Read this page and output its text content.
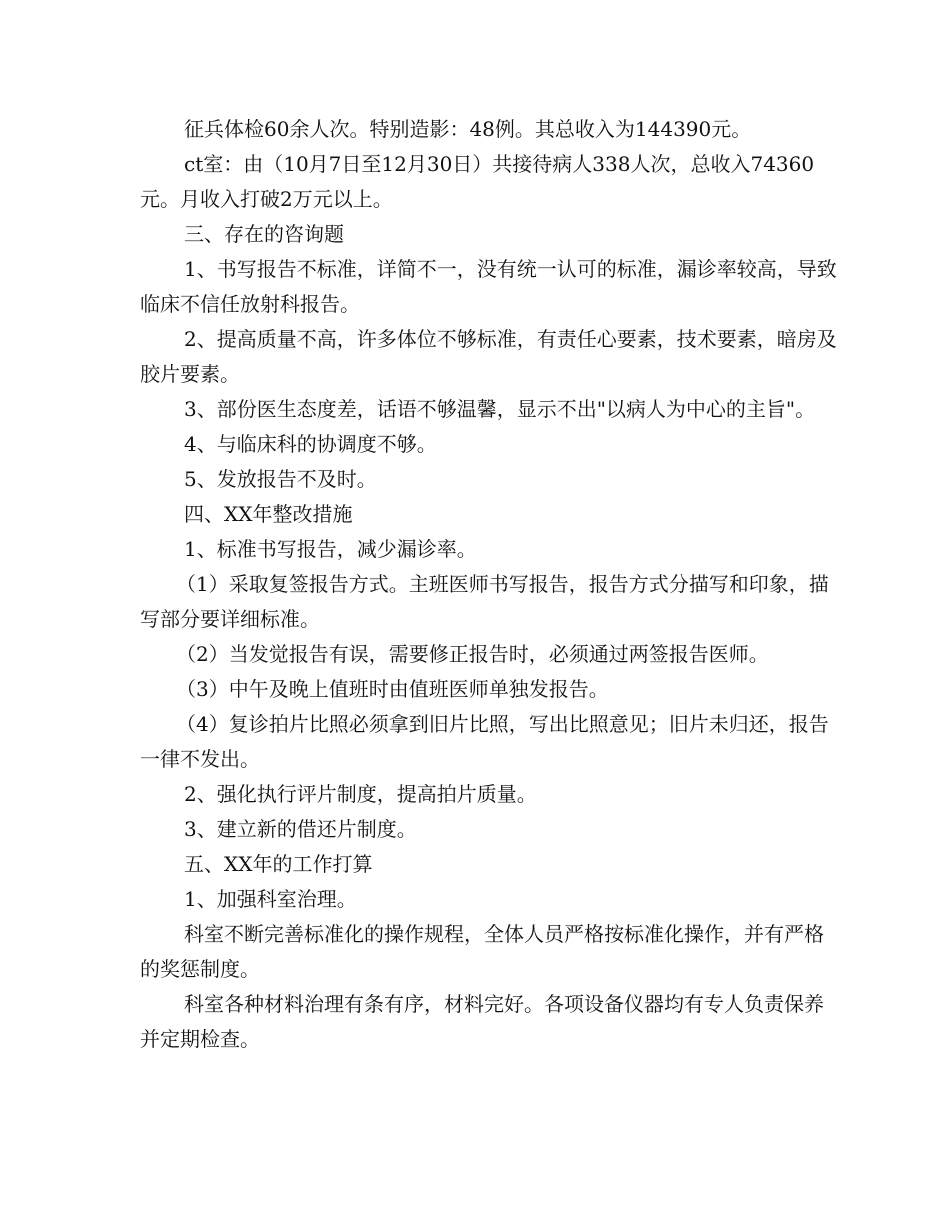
征兵体检60余人次。特别造影：48例。其总收入为144390元。

ct室：由（10月7日至12月30日）共接待病人338人次，总收入74360元。月收入打破2万元以上。

三、存在的咨询题

1、书写报告不标准，详简不一，没有统一认可的标准，漏诊率较高，导致临床不信任放射科报告。

2、提高质量不高，许多体位不够标准，有责任心要素，技术要素，暗房及胶片要素。

3、部份医生态度差，话语不够温馨，显示不出"以病人为中心的主旨"。

4、与临床科的协调度不够。

5、发放报告不及时。

四、XX年整改措施

1、标准书写报告，减少漏诊率。

（1）采取复签报告方式。主班医师书写报告，报告方式分描写和印象，描写部分要详细标准。

（2）当发觉报告有误，需要修正报告时，必须通过两签报告医师。

（3）中午及晚上值班时由值班医师单独发报告。

（4）复诊拍片比照必须拿到旧片比照，写出比照意见；旧片未归还，报告一律不发出。

2、强化执行评片制度，提高拍片质量。

3、建立新的借还片制度。

五、XX年的工作打算

1、加强科室治理。

科室不断完善标准化的操作规程，全体人员严格按标准化操作，并有严格的奖惩制度。

科室各种材料治理有条有序，材料完好。各项设备仪器均有专人负责保养并定期检查。
